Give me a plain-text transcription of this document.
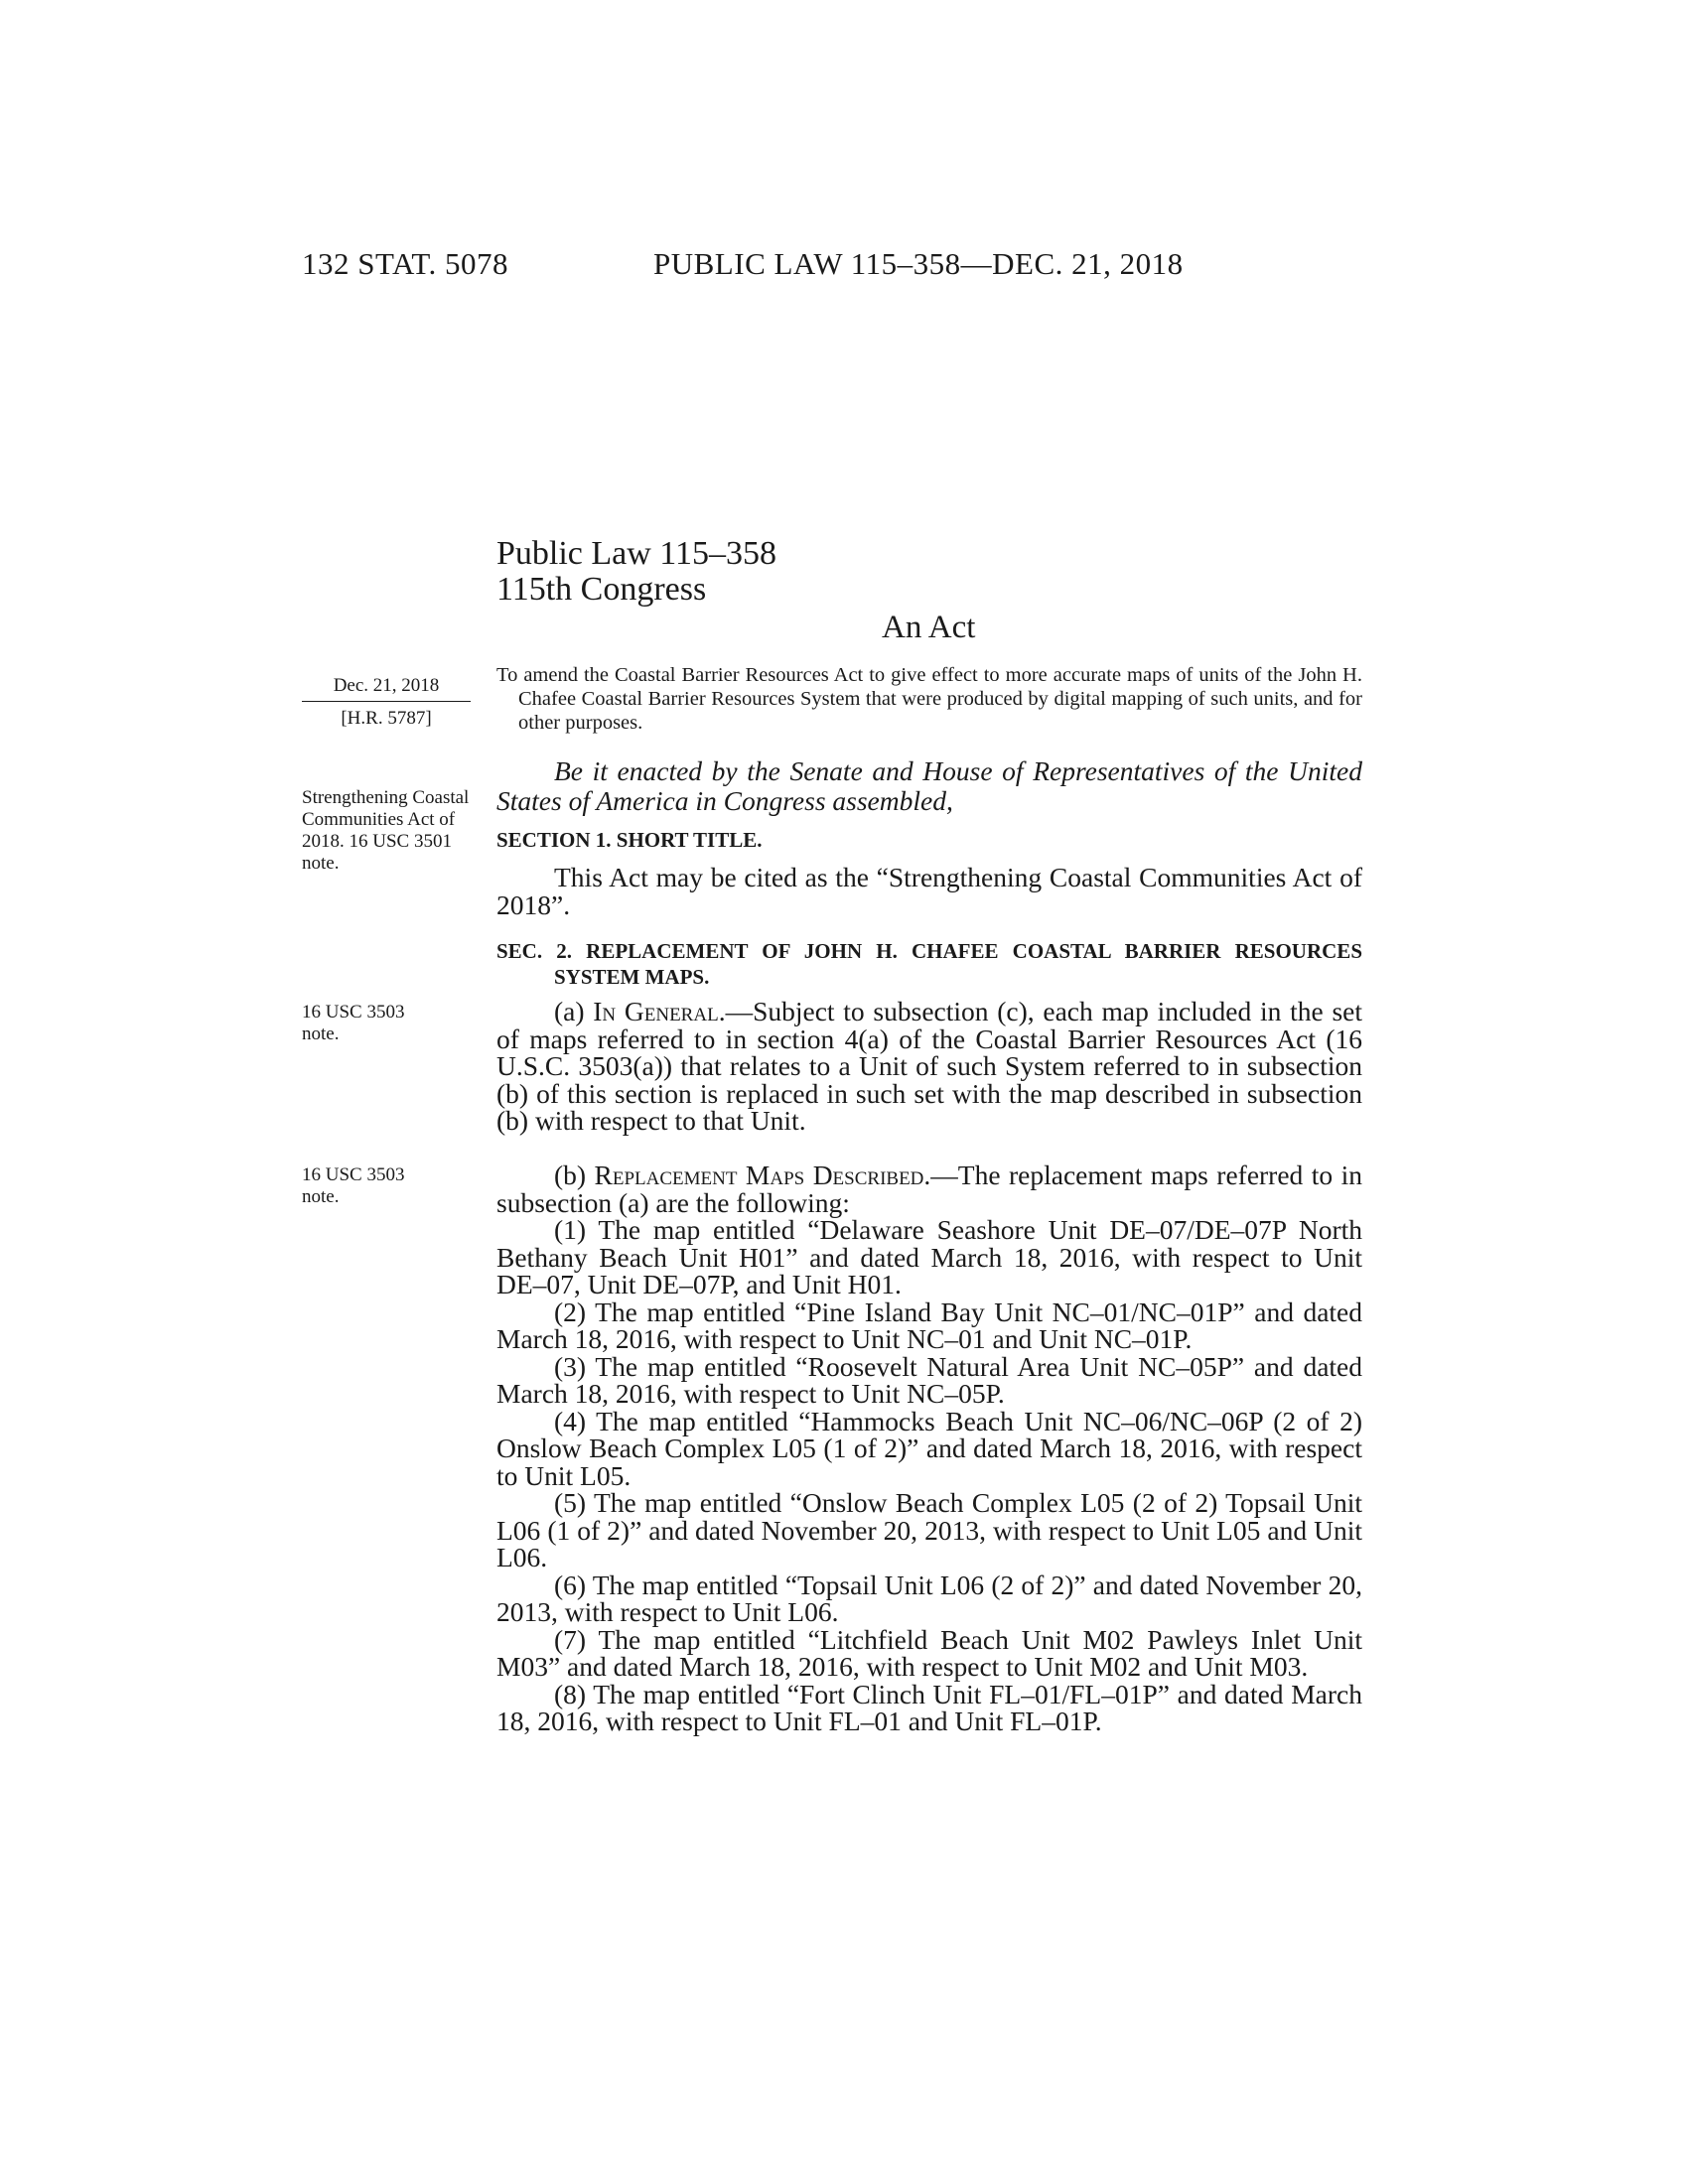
132 STAT. 5078	PUBLIC LAW 115–358—DEC. 21, 2018
Public Law 115–358
115th Congress
An Act
Dec. 21, 2018
[H.R. 5787]
Strengthening Coastal Communities Act of 2018. 16 USC 3501 note.
16 USC 3503 note.
16 USC 3503 note.
To amend the Coastal Barrier Resources Act to give effect to more accurate maps of units of the John H. Chafee Coastal Barrier Resources System that were produced by digital mapping of such units, and for other purposes.
Be it enacted by the Senate and House of Representatives of the United States of America in Congress assembled,
SECTION 1. SHORT TITLE.
This Act may be cited as the “Strengthening Coastal Communities Act of 2018”.
SEC. 2. REPLACEMENT OF JOHN H. CHAFEE COASTAL BARRIER RESOURCES SYSTEM MAPS.
(a) In General.—Subject to subsection (c), each map included in the set of maps referred to in section 4(a) of the Coastal Barrier Resources Act (16 U.S.C. 3503(a)) that relates to a Unit of such System referred to in subsection (b) of this section is replaced in such set with the map described in subsection (b) with respect to that Unit.
(b) Replacement Maps Described.—The replacement maps referred to in subsection (a) are the following:

(1) The map entitled “Delaware Seashore Unit DE–07/DE–07P North Bethany Beach Unit H01” and dated March 18, 2016, with respect to Unit DE–07, Unit DE–07P, and Unit H01.

(2) The map entitled “Pine Island Bay Unit NC–01/NC–01P” and dated March 18, 2016, with respect to Unit NC–01 and Unit NC–01P.

(3) The map entitled “Roosevelt Natural Area Unit NC–05P” and dated March 18, 2016, with respect to Unit NC–05P.

(4) The map entitled “Hammocks Beach Unit NC–06/NC–06P (2 of 2) Onslow Beach Complex L05 (1 of 2)” and dated March 18, 2016, with respect to Unit L05.

(5) The map entitled “Onslow Beach Complex L05 (2 of 2) Topsail Unit L06 (1 of 2)” and dated November 20, 2013, with respect to Unit L05 and Unit L06.

(6) The map entitled “Topsail Unit L06 (2 of 2)” and dated November 20, 2013, with respect to Unit L06.

(7) The map entitled “Litchfield Beach Unit M02 Pawleys Inlet Unit M03” and dated March 18, 2016, with respect to Unit M02 and Unit M03.

(8) The map entitled “Fort Clinch Unit FL–01/FL–01P” and dated March 18, 2016, with respect to Unit FL–01 and Unit FL–01P.
